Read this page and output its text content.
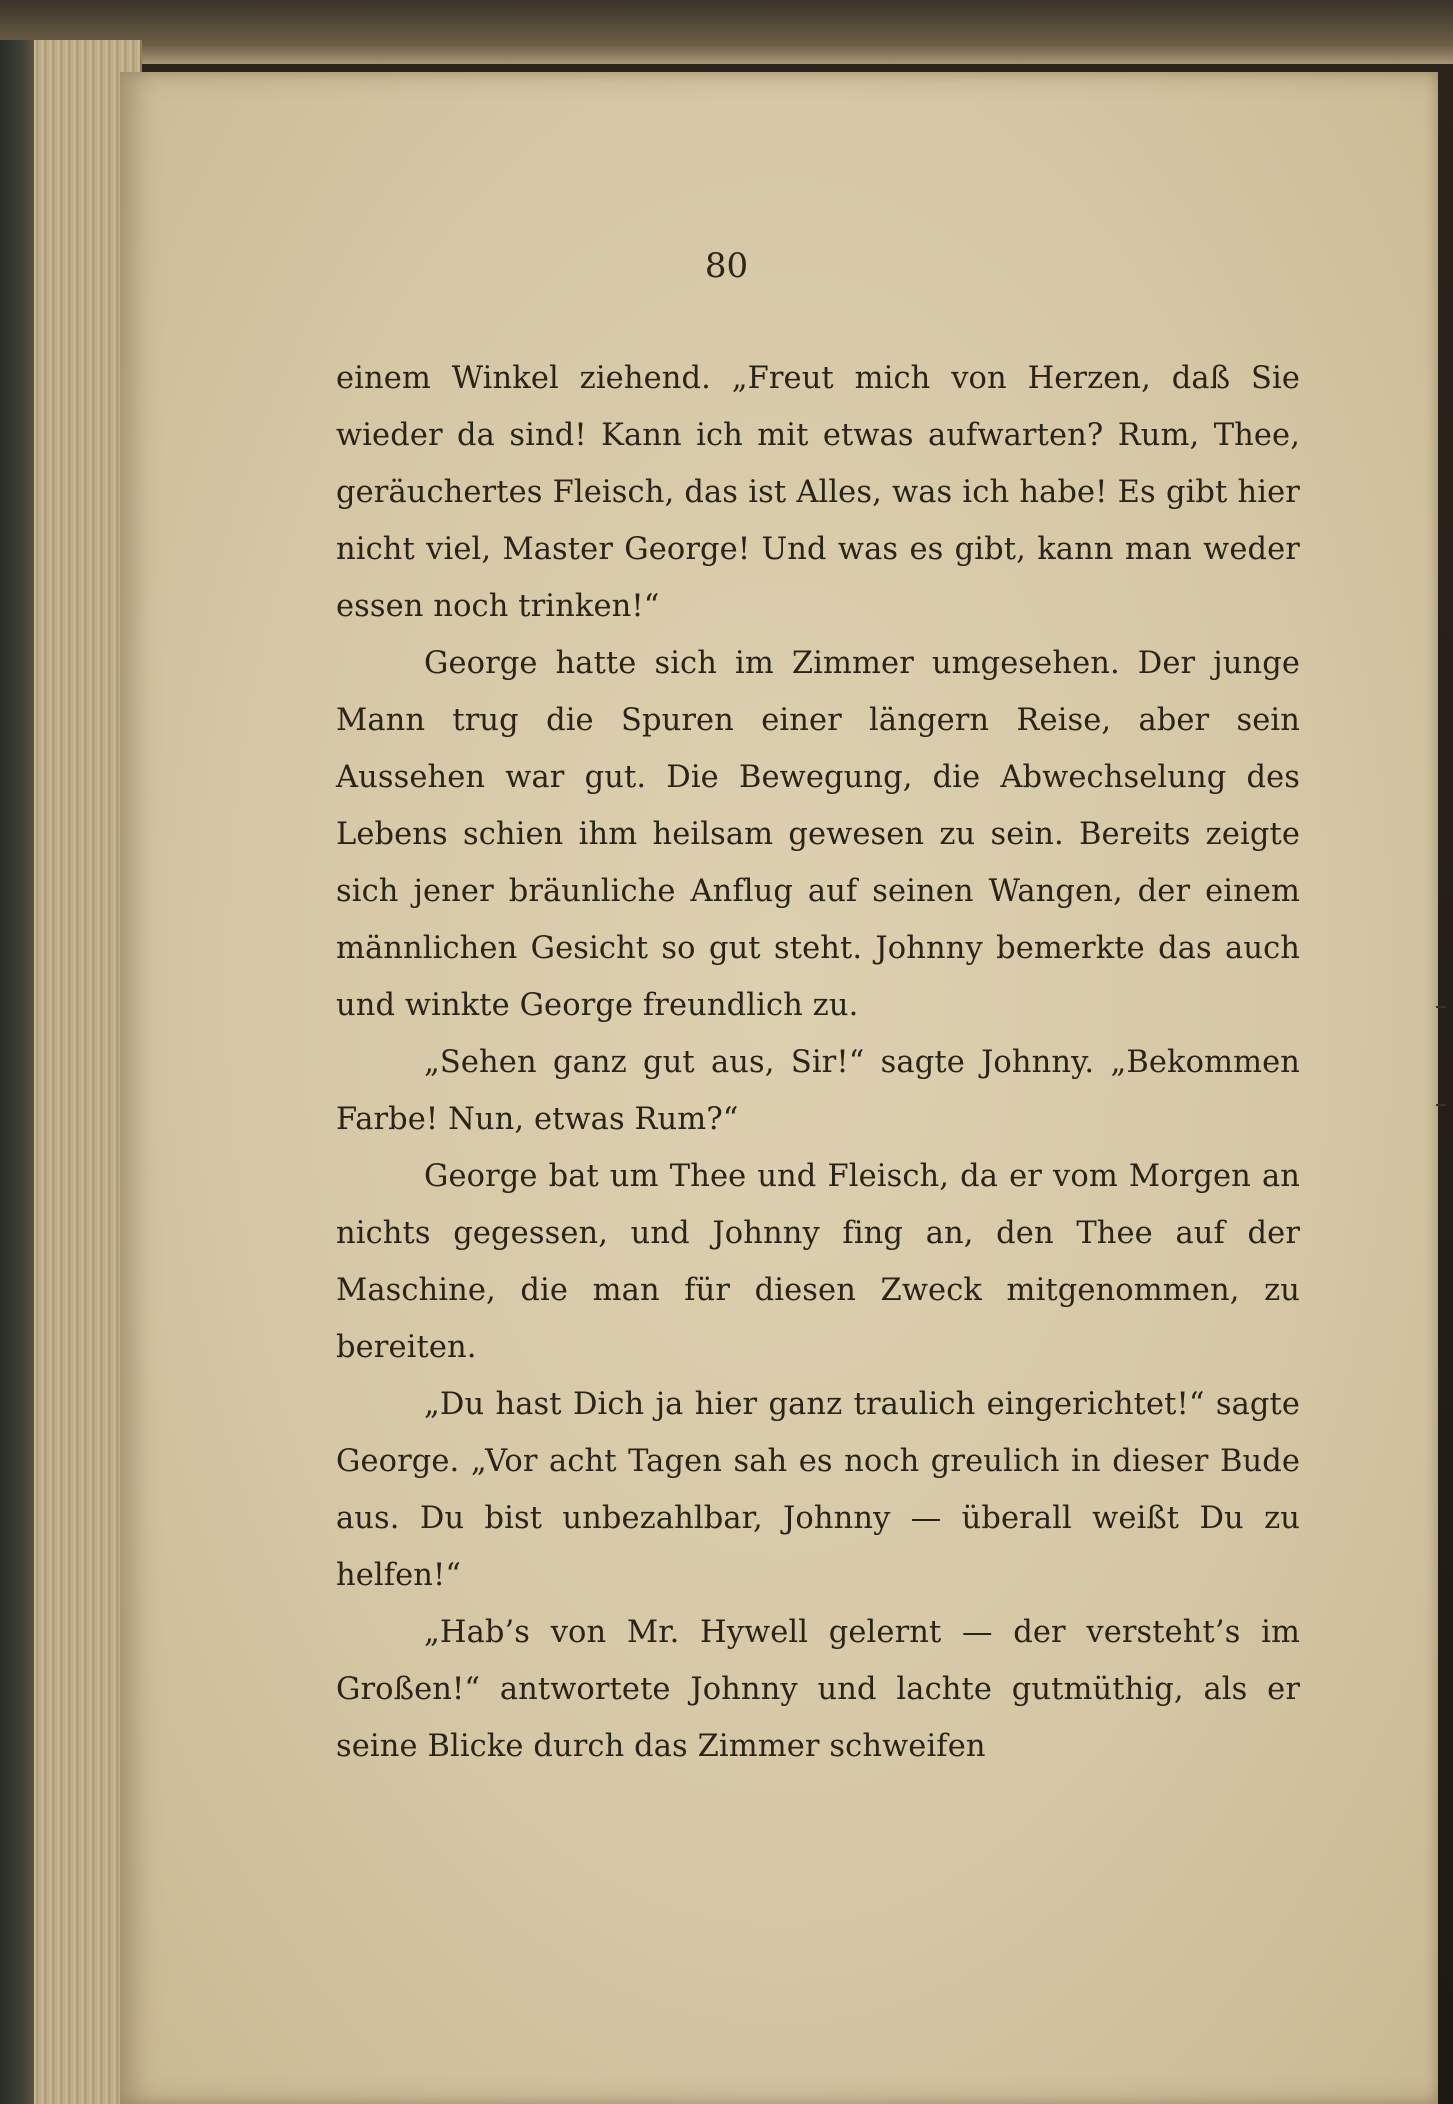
80

einem Winkel ziehend. „Freut mich von Herzen, daß Sie wieder da sind! Kann ich mit etwas aufwarten? Rum, Thee, geräuchertes Fleisch, das ist Alles, was ich habe! Es gibt hier nicht viel, Master George! Und was es gibt, kann man weder essen noch trinken!“

George hatte sich im Zimmer umgesehen. Der junge Mann trug die Spuren einer längern Reise, aber sein Aussehen war gut. Die Bewegung, die Abwechselung des Lebens schien ihm heilsam gewesen zu sein. Bereits zeigte sich jener bräunliche Anflug auf seinen Wangen, der einem männlichen Gesicht so gut steht. Johnny bemerkte das auch und winkte George freundlich zu.

„Sehen ganz gut aus, Sir!“ sagte Johnny. „Bekommen Farbe! Nun, etwas Rum?“

George bat um Thee und Fleisch, da er vom Morgen an nichts gegessen, und Johnny fing an, den Thee auf der Maschine, die man für diesen Zweck mitgenommen, zu bereiten.

„Du hast Dich ja hier ganz traulich eingerichtet!“ sagte George. „Vor acht Tagen sah es noch greulich in dieser Bude aus. Du bist unbezahlbar, Johnny — überall weißt Du zu helfen!“

„Hab’s von Mr. Hywell gelernt — der versteht’s im Großen!“ antwortete Johnny und lachte gutmüthig, als er seine Blicke durch das Zimmer schweifen
